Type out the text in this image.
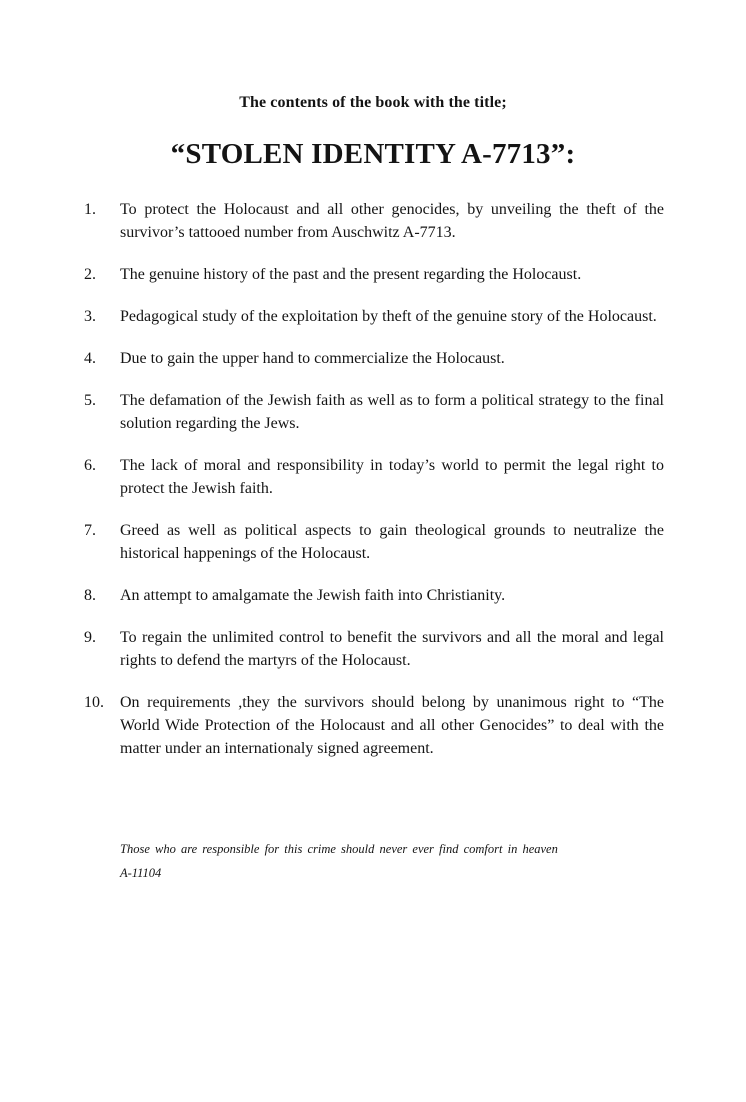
The contents of the book with the title;
“STOLEN IDENTITY A-7713”:
1. To protect the Holocaust and all other genocides, by unveiling the theft of the survivor’s tattooed number from Auschwitz A-7713.
2. The genuine history of the past and the present regarding the Holocaust.
3. Pedagogical study of the exploitation by theft of the genuine story of the Holocaust.
4. Due to gain the upper hand to commercialize the Holocaust.
5. The defamation of the Jewish faith as well as to form a political strategy to the final solution regarding the Jews.
6. The lack of moral and responsibility in today’s world to permit the legal right to protect the Jewish faith.
7. Greed as well as political aspects to gain theological grounds to neutralize the historical happenings of the Holocaust.
8. An attempt to amalgamate the Jewish faith into Christianity.
9. To regain the unlimited control to benefit the survivors and all the moral and legal rights to defend the martyrs of the Holocaust.
10. On requirements ,they the survivors should belong by unanimous right to “The World Wide Protection of the Holocaust and all other Genocides” to deal with the matter under an internationaly signed agreement.
Those who are responsible for this crime should never ever find comfort in heaven
A-11104
